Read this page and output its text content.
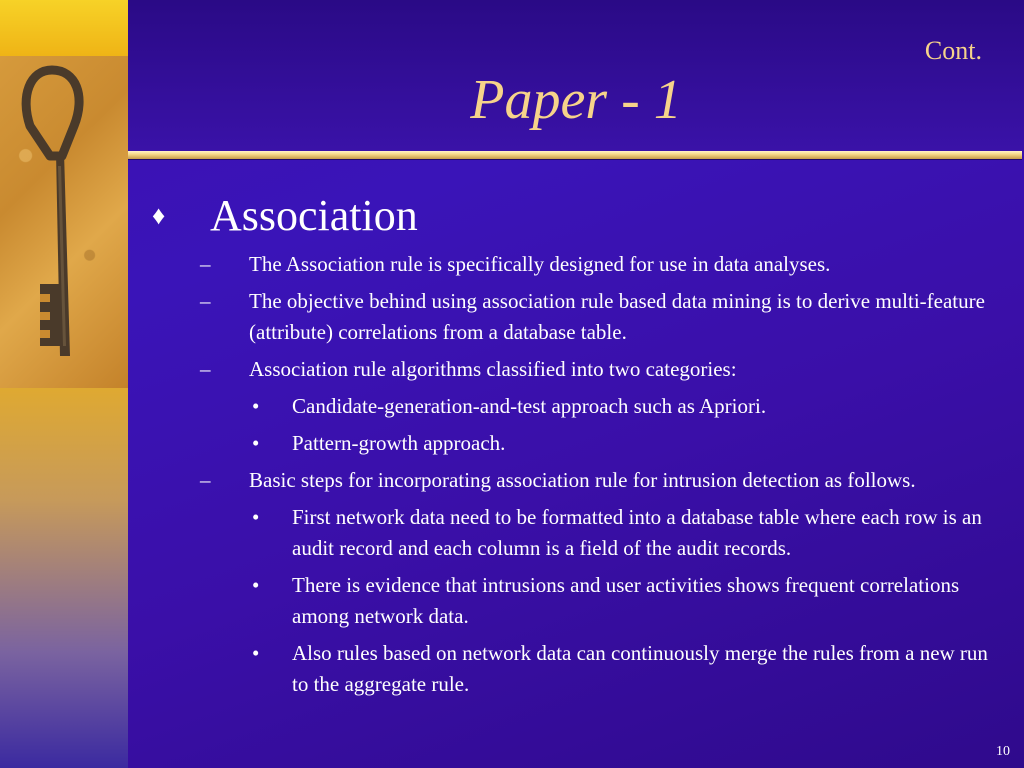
Cont.
Paper - 1
♦	Association
–	The Association rule is specifically designed for use in data analyses.
–	The objective behind using association rule based data mining is to derive multi-feature (attribute) correlations from a database table.
–	Association rule algorithms classified into two categories:
•	Candidate-generation-and-test approach such as Apriori.
•	Pattern-growth approach.
–	Basic steps for incorporating association rule for intrusion detection as follows.
•	First network data need to be formatted into a database table where each row is an audit record and each column is a field of the audit records.
•	There is evidence that intrusions and user activities shows frequent correlations among network data.
•	Also rules based on network data can continuously merge the rules from a new run to the aggregate rule.
10
